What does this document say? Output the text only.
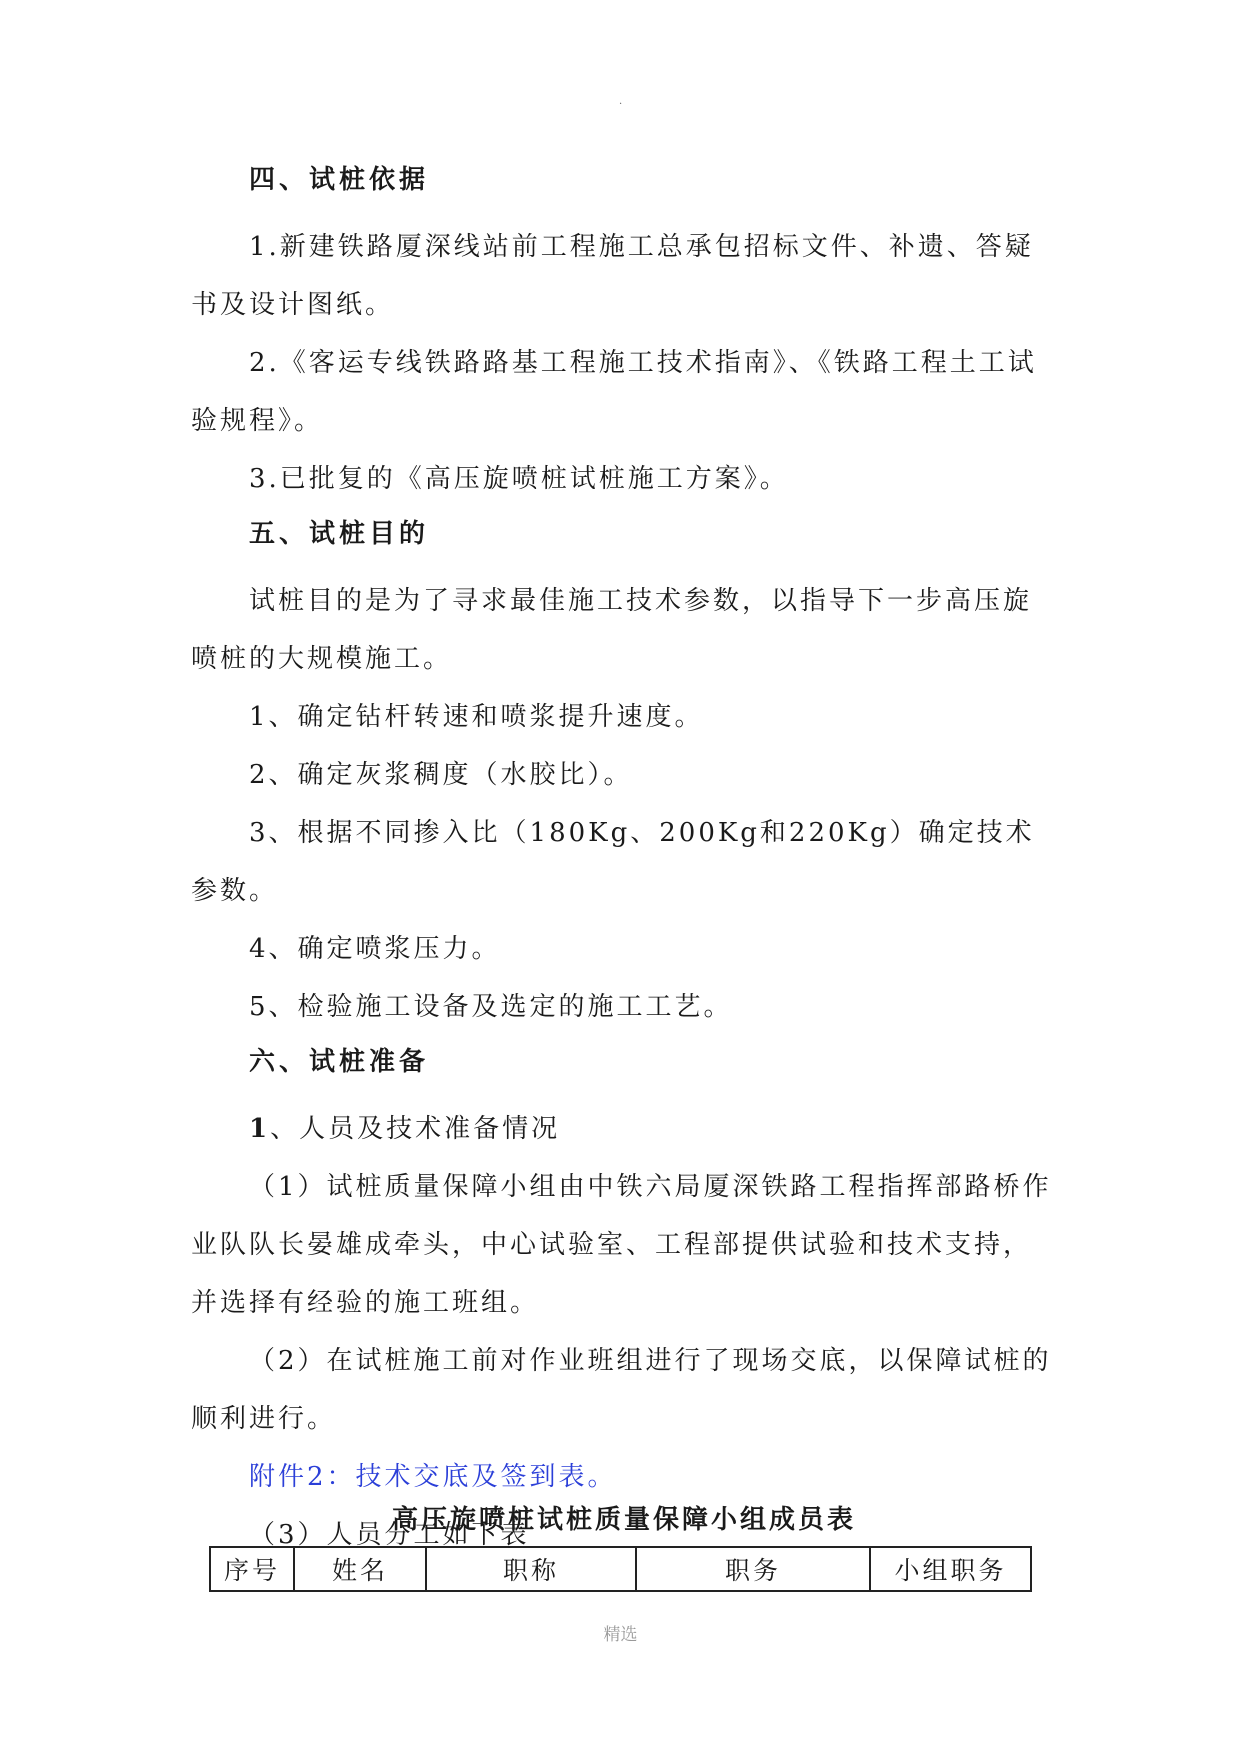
.
四、试桩依据

1.新建铁路厦深线站前工程施工总承包招标文件、补遗、答疑书及设计图纸。

2.《客运专线铁路路基工程施工技术指南》、《铁路工程土工试验规程》。

3.已批复的《高压旋喷桩试桩施工方案》。

五、试桩目的

试桩目的是为了寻求最佳施工技术参数，以指导下一步高压旋喷桩的大规模施工。

1、确定钻杆转速和喷浆提升速度。

2、确定灰浆稠度（水胶比）。

3、根据不同掺入比（180Kg、200Kg和220Kg）确定技术参数。

4、确定喷浆压力。

5、检验施工设备及选定的施工工艺。

六、试桩准备

1、人员及技术准备情况

（1）试桩质量保障小组由中铁六局厦深铁路工程指挥部路桥作业队队长晏雄成牵头，中心试验室、工程部提供试验和技术支持，并选择有经验的施工班组。

（2）在试桩施工前对作业班组进行了现场交底，以保障试桩的顺利进行。

附件2：技术交底及签到表。

（3）人员分工如下表

高压旋喷桩试桩质量保障小组成员表
序号	姓名	职称	职务	小组职务
精选
